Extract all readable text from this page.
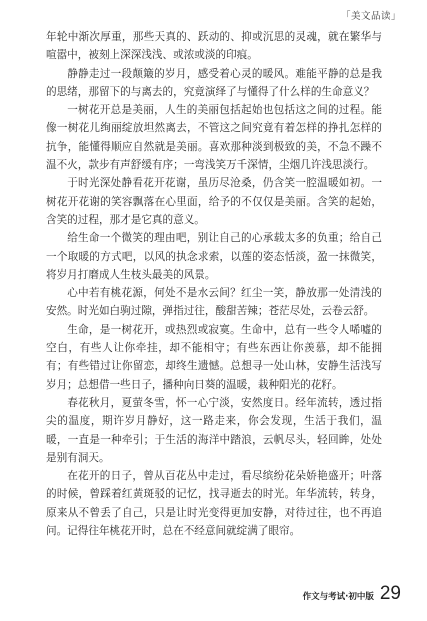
「美文品读」

年轮中渐次厚重，那些天真的、跃动的、抑或沉思的灵魂，就在繁华与喧嚣中，被刻上深深浅浅、或浓或淡的印痕。

静静走过一段颠簸的岁月，感受着心灵的暖风。难能平静的总是我的思绪，那留下的与离去的，究竟演绎了与懂得了什么样的生命意义？

一树花开总是美丽，人生的美丽包括起始也包括这之间的过程。能像一树花儿绚丽绽放坦然离去，不管这之间究竟有着怎样的挣扎怎样的抗争，能懂得顺应自然就是美丽。喜欢那种淡到极致的美，不急不躁不温不火，款步有声舒缓有序；一弯浅笑万千深情，尘烟几许浅思淡行。

于时光深处静看花开花谢，虽历尽沧桑，仍含笑一腔温暖如初。一树花开花谢的笑容飘落在心里面，给予的不仅仅是美丽。含笑的起始，含笑的过程，那才是它真的意义。

给生命一个微笑的理由吧，别让自己的心承载太多的负重；给自己一个取暖的方式吧，以风的执念求索，以莲的姿态恬淡，盈一抹微笑，将岁月打磨成人生枝头最美的风景。

心中若有桃花源，何处不是水云间？红尘一笑，静放那一处清浅的安然。时光如白驹过隙，弹指过往，酸甜苦辣；苍茫尽处，云卷云舒。

生命，是一树花开，或热烈或寂寞。生命中，总有一些令人唏嘘的空白，有些人让你牵挂，却不能相守；有些东西让你羡慕，却不能拥有；有些错过让你留恋，却终生遗憾。总想寻一处山林，安静生活浅写岁月；总想借一些日子，播种向日葵的温暖，栽种阳光的花籽。

春花秋月，夏萤冬雪，怀一心宁淡，安然度日。经年流转，透过指尖的温度，期许岁月静好，这一路走来，你会发现，生活于我们，温暖，一直是一种牵引；于生活的海洋中踏浪，云帆尽头，轻回眸，处处是别有洞天。

在花开的日子，曾从百花丛中走过，看尽缤纷花朵娇艳盛开；叶落的时候，曾踩着红黄斑驳的记忆，找寻逝去的时光。年华流转，转身，原来从不曾丢了自己，只是让时光变得更加安静，对待过往，也不再追问。记得往年桃花开时，总在不经意间就绽满了眼帘。

作文与考试·初中版 29
